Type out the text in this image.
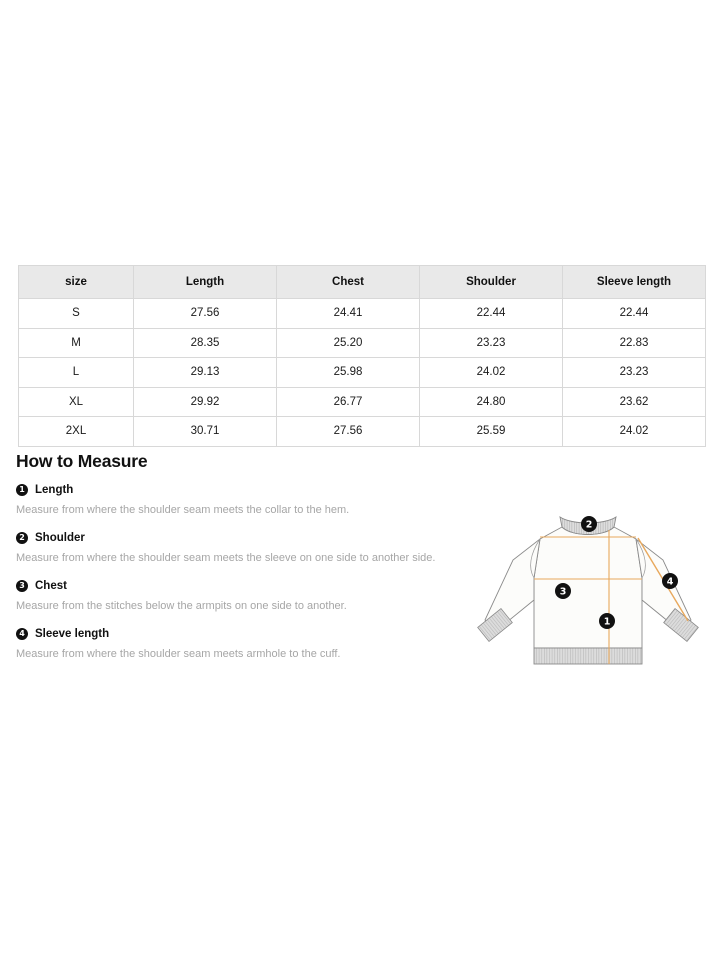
size	Length	Chest	Shoulder	Sleeve length
S	27.56	24.41	22.44	22.44
M	28.35	25.20	23.23	22.83
L	29.13	25.98	24.02	23.23
XL	29.92	26.77	24.80	23.62
2XL	30.71	27.56	25.59	24.02
How to Measure
1 Length

Measure from where the shoulder seam meets the collar to the hem.

2 Shoulder

Measure from where the shoulder seam meets the sleeve on one side to another side.

3 Chest

Measure from the stitches below the armpits on one side to another.

4 Sleeve length

Measure from where the shoulder seam meets armhole to the cuff.

2
3
1
4
